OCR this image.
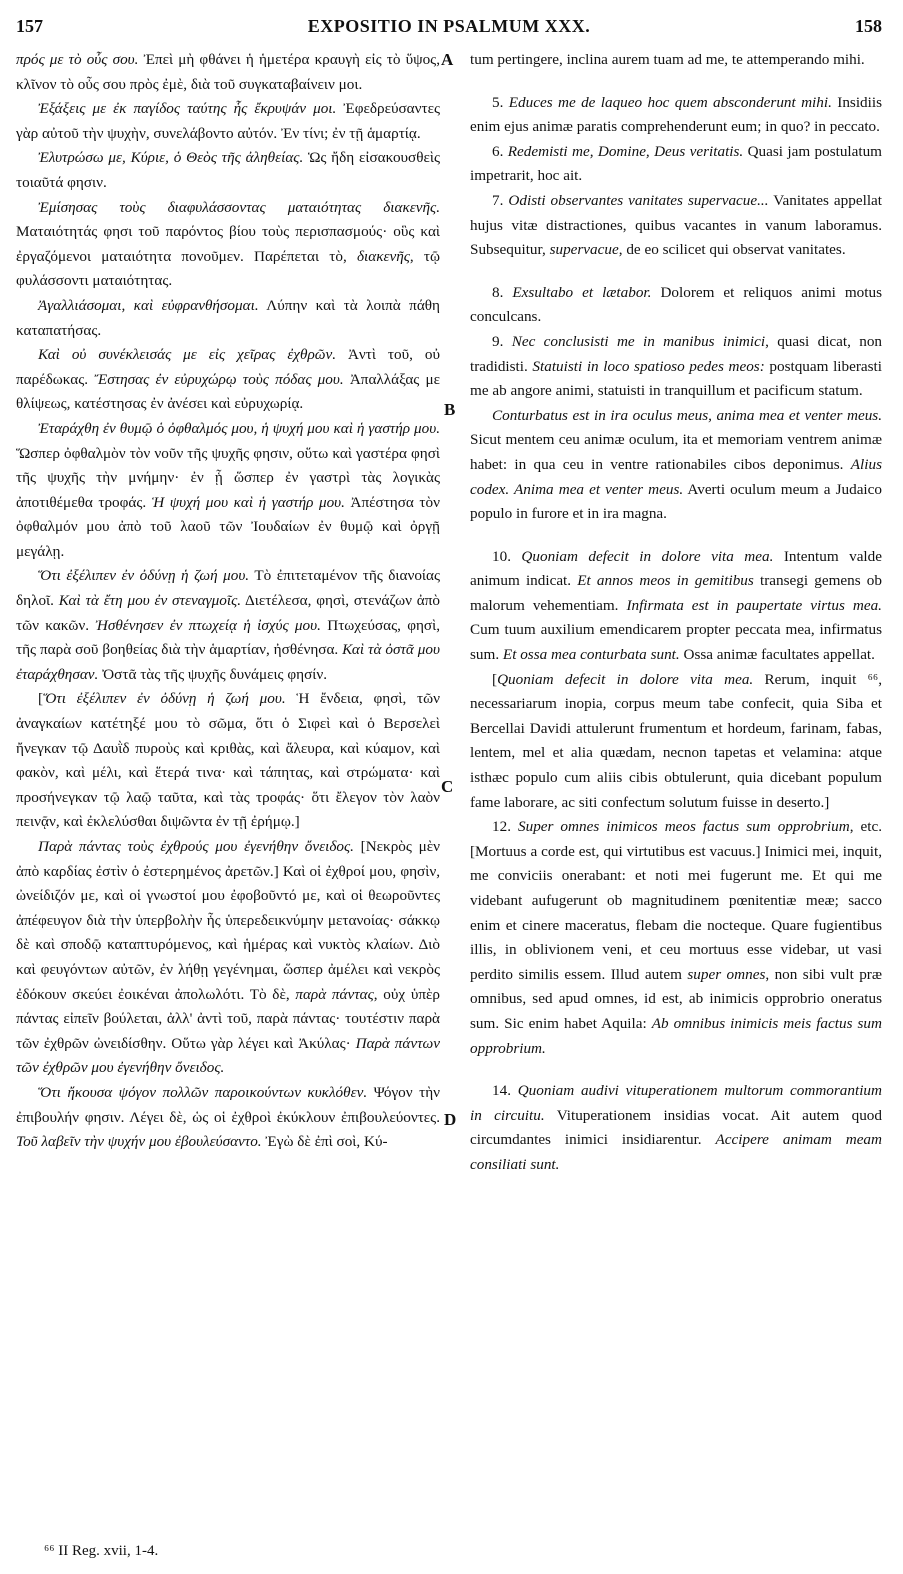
157	EXPOSITIO IN PSALMUM XXX.	158

πρός με τὸ οὖς σου. Ἐπεὶ μὴ φθάνει ἡ ἡμετέρα κραυγὴ εἰς τὸ ὕψος, κλῖνον τὸ οὖς σου πρὸς ἐμὲ, διὰ τοῦ συγκαταβαίνειν μοι.

Ἐξάξεις με ἐκ παγίδος ταύτης ἧς ἔκρυψάν μοι. Ἐφεδρεύσαντες γὰρ αὐτοῦ τὴν ψυχὴν, συνελάβοντο αὐτόν. Ἐν τίνι; ἐν τῇ ἁμαρτίᾳ.

Ἐλυτρώσω με, Κύριε, ὁ Θεὸς τῆς ἀληθείας. Ὡς ἤδη εἰσακουσθεὶς τοιαῦτά φησιν.

Ἐμίσησας τοὺς διαφυλάσσοντας ματαιότητας διακενῆς. Ματαιότητάς φησι τοῦ παρόντος βίου τοὺς περισπασμούς· οὓς καὶ ἐργαζόμενοι ματαιότητα πονοῦμεν. Παρέπεται τὸ, διακενῆς, τῷ φυλάσσοντι ματαιότητας.

Ἀγαλλιάσομαι, καὶ εὐφρανθήσομαι. Λύπην καὶ τὰ λοιπὰ πάθη καταπατήσας.

Καὶ οὐ συνέκλεισάς με εἰς χεῖρας ἐχθρῶν. Ἀντὶ τοῦ, οὐ παρέδωκας. Ἔστησας ἐν εὐρυχώρῳ τοὺς πόδας μου. Ἀπαλλάξας με θλίψεως, κατέστησας ἐν ἀνέσει καὶ εὐρυχωρίᾳ.

Ἐταράχθη ἐν θυμῷ ὁ ὀφθαλμός μου, ἡ ψυχή μου καὶ ἡ γαστήρ μου. Ὥσπερ ὀφθαλμὸν τὸν νοῦν τῆς ψυχῆς φησιν, οὕτω καὶ γαστέρα φησὶ τῆς ψυχῆς τὴν μνήμην· ἐν ᾗ ὥσπερ ἐν γαστρὶ τὰς λογικὰς ἀποτιθέμεθα τροφάς. Ἡ ψυχή μου καὶ ἡ γαστήρ μου. Ἀπέστησα τὸν ὀφθαλμόν μου ἀπὸ τοῦ λαοῦ τῶν Ἰουδαίων ἐν θυμῷ καὶ ὀργῇ μεγάλῃ.

Ὅτι ἐξέλιπεν ἐν ὀδύνῃ ἡ ζωή μου. Τὸ ἐπιτεταμένον τῆς διανοίας δηλοῖ. Καὶ τὰ ἔτη μου ἐν στεναγμοῖς. Διετέλεσα, φησὶ, στενάζων ἀπὸ τῶν κακῶν. Ἠσθένησεν ἐν πτωχείᾳ ἡ ἰσχύς μου. Πτωχεύσας, φησὶ, τῆς παρὰ σοῦ βοηθείας διὰ τὴν ἁμαρτίαν, ἠσθένησα. Καὶ τὰ ὀστᾶ μου ἐταράχθησαν. Ὀστᾶ τὰς τῆς ψυχῆς δυνάμεις φησίν.

[Ὅτι ἐξέλιπεν ἐν ὀδύνῃ ἡ ζωή μου. Ἡ ἔνδεια, φησὶ, τῶν ἀναγκαίων κατέτηξέ μου τὸ σῶμα, ὅτι ὁ Σιφεὶ καὶ ὁ Βερσελεὶ ἤνεγκαν τῷ Δαυῒδ πυροὺς καὶ κριθὰς, καὶ ἄλευρα, καὶ κύαμον, καὶ φακὸν, καὶ μέλι, καὶ ἕτερά τινα· καὶ τάπητας, καὶ στρώματα· καὶ προσήνεγκαν τῷ λαῷ ταῦτα, καὶ τὰς τροφάς· ὅτι ἔλεγον τὸν λαὸν πεινᾷν, καὶ ἐκλελύσθαι διψῶντα ἐν τῇ ἐρήμῳ.]

Παρὰ πάντας τοὺς ἐχθρούς μου ἐγενήθην ὄνειδος. [Νεκρὸς μὲν ἀπὸ καρδίας ἐστὶν ὁ ἐστερημένος ἀρετῶν.] Καὶ οἱ ἐχθροί μου, φησὶν, ὠνείδιζόν με, καὶ οἱ γνωστοί μου ἐφοβοῦντό με, καὶ οἱ θεωροῦντες ἀπέφευγον διὰ τὴν ὑπερβολὴν ἧς ὑπερεδεικνύμην μετανοίας· σάκκῳ δὲ καὶ σποδῷ καταπτυρόμενος, καὶ ἡμέρας καὶ νυκτὸς κλαίων. Διὸ καὶ φευγόντων αὐτῶν, ἐν λήθῃ γεγένημαι, ὥσπερ ἀμέλει καὶ νεκρὸς ἐδόκουν σκεύει ἐοικέναι ἀπολωλότι. Τὸ δὲ, παρὰ πάντας, οὐχ ὑπὲρ πάντας εἰπεῖν βούλεται, ἀλλ' ἀντὶ τοῦ, παρὰ πάντας· τουτέστιν παρὰ τῶν ἐχθρῶν ὠνειδίσθην. Οὕτω γὰρ λέγει καὶ Ἀκύλας· Παρὰ πάντων τῶν ἐχθρῶν μου ἐγενήθην ὄνειδος.

Ὅτι ἤκουσα ψόγον πολλῶν παροικούντων κυκλόθεν. Ψόγον τὴν ἐπιβουλήν φησιν. Λέγει δὲ, ὡς οἱ ἐχθροὶ ἐκύκλουν ἐπιβουλεύοντες. Τοῦ λαβεῖν τὴν ψυχήν μου ἐβουλεύσαντο. Ἐγὼ δὲ ἐπὶ σοὶ, Κύ-

A
B
C
D

tum pertingere, inclina aurem tuam ad me, te attemperando mihi.

5. Educes me de laqueo hoc quem absconderunt mihi. Insidiis enim ejus animæ paratis comprehenderunt eum; in quo? in peccato.

6. Redemisti me, Domine, Deus veritatis. Quasi jam postulatum impetrarit, hoc ait.

7. Odisti observantes vanitates supervacue... Vanitates appellat hujus vitæ distractiones, quibus vacantes in vanum laboramus. Subsequitur, supervacue, de eo scilicet qui observat vanitates.

8. Exsultabo et lætabor. Dolorem et reliquos animi motus conculcans.

9. Nec conclusisti me in manibus inimici, quasi dicat, non tradidisti. Statuisti in loco spatioso pedes meos: postquam liberasti me ab angore animi, statuisti in tranquillum et pacificum statum.

Conturbatus est in ira oculus meus, anima mea et venter meus. Sicut mentem ceu animæ oculum, ita et memoriam ventrem animæ habet: in qua ceu in ventre rationabiles cibos deponimus. Alius codex. Anima mea et venter meus. Averti oculum meum a Judaico populo in furore et in ira magna.

10. Quoniam defecit in dolore vita mea. Intentum valde animum indicat. Et annos meos in gemitibus transegi gemens ob malorum vehementiam. Infirmata est in paupertate virtus mea. Cum tuum auxilium emendicarem propter peccata mea, infirmatus sum. Et ossa mea conturbata sunt. Ossa animæ facultates appellat.

[Quoniam defecit in dolore vita mea. Rerum, inquit ⁶⁶, necessariarum inopia, corpus meum tabe confecit, quia Siba et Bercellai Davidi attulerunt frumentum et hordeum, farinam, fabas, lentem, mel et alia quædam, necnon tapetas et velamina: atque isthæc populo cum aliis cibis obtulerunt, quia dicebant populum fame laborare, ac siti confectum solutum fuisse in deserto.]

12. Super omnes inimicos meos factus sum opprobrium, etc. [Mortuus a corde est, qui virtutibus est vacuus.] Inimici mei, inquit, me conviciis onerabant: et noti mei fugerunt me. Et qui me videbant aufugerunt ob magnitudinem pœnitentiæ meæ; sacco enim et cinere maceratus, flebam die nocteque. Quare fugientibus illis, in oblivionem veni, et ceu mortuus esse videbar, ut vasi perdito similis essem. Illud autem super omnes, non sibi vult præ omnibus, sed apud omnes, id est, ab inimicis opprobrio oneratus sum. Sic enim habet Aquila: Ab omnibus inimicis meis factus sum opprobrium.

14. Quoniam audivi vituperationem multorum commorantium in circuitu. Vituperationem insidias vocat. Ait autem quod circumdantes inimici insidiarentur. Accipere animam meam consiliati sunt.

⁶⁶ II Reg. xvii, 1-4.
